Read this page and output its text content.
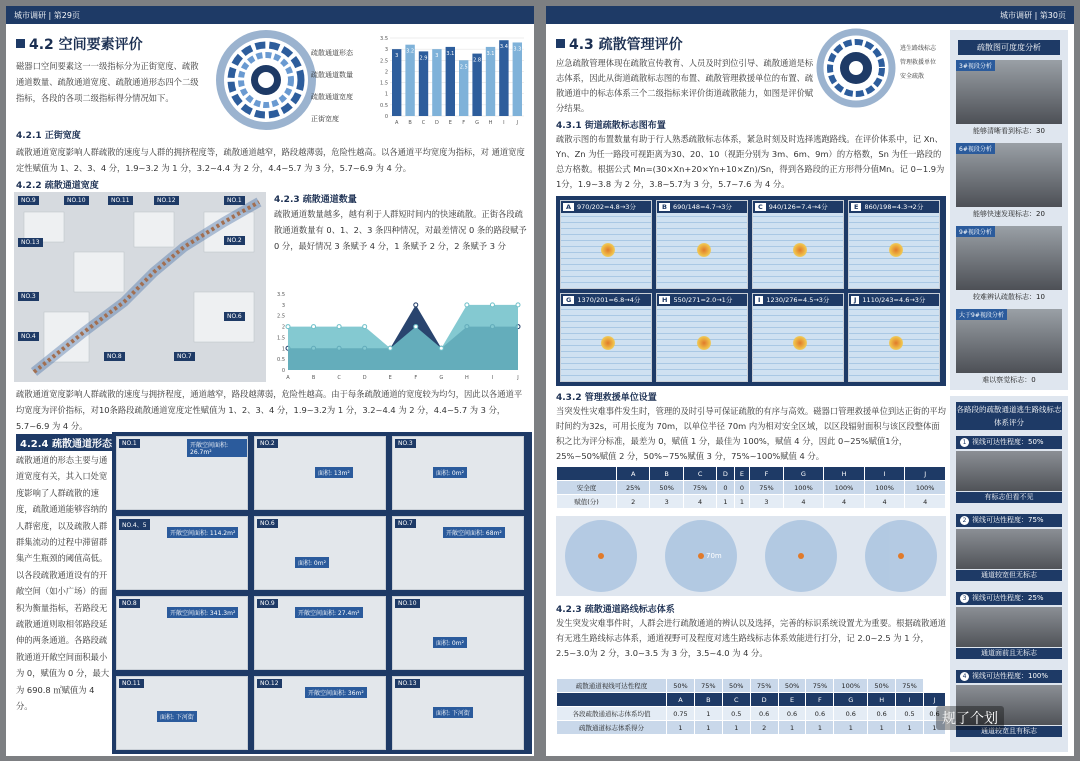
城市调研 | 第29页
4.2 空间要素评价
磁器口空间要素这一一级指标分为正街宽度、疏散通道数量、疏散通道宽度、疏散通道形态四个二级指标，各段的各项二级指标得分情况如下。
疏散通道形态
疏散通道数量
疏散通道宽度
正街宽度
3.5
3
2.5
2
1.5
1
0.5
0
3
A
3.2
B
2.9
C
3
D
3.1
E
2.5
F
2.8
G
3.1
H
3.4
I
3.3
J
4.2.1 正街宽度
疏散通道宽度影响人群疏散的速度与人群的拥挤程度等，疏散通道越窄，路段越薄弱，危险性越高。以各通道平均宽度为指标，对 通道宽度定性赋值为 1、2、3、4 分，1.9~3.2 为 1 分，3.2~4.4 为 2 分，4.4~5.7 为 3 分，5.7~6.9 为 4 分。
4.2.2 疏散通道宽度
NO.9	NO.10	NO.11	NO.12
NO.13
NO.1
NO.2
NO.3
NO.4
NO.6
NO.7
NO.8
4.2.3 疏散通道数量
疏散通道数量越多，越有利于人群短时间内的快速疏散。正街各段疏散通道数量有 0、1、2、3 条四种情况，对最差情况 0 条的路段赋予 0 分，最好情况 3 条赋予 4 分，1 条赋予 2 分，2 条赋予 3 分
3.5
3
2.5
2
1.5
1
0.5
0
A	B	C	D	E	F	G	H	I	J
疏散通道宽度影响人群疏散的速度与拥挤程度，通道越窄，路段越薄弱，危险性越高。由于每条疏散通道的宽度较为均匀，因此以各通道平均宽度为评价指标，对10条路段疏散通道宽度定性赋值为 1、2、3、4 分，1.9~3.2为 1 分，3.2~4.4 为 2 分，4.4~5.7 为 3 分，5.7~6.9 为 4 分。
4.2.4 疏散通道形态
疏散通道的形态主要与通道宽度有关，其入口处宽度影响了人群疏散的速度，疏散通道能够容纳的人群密度，以及疏散人群群集流动的过程中滞留群集产生瓶颈的阈值高低。以各段疏散通道设有的开敞空间（如小广场）的面积为衡量指标，若路段无疏散通道则取相邻路段延伸的两条通道。各路段疏散通道开敞空间面积最小为 0，赋值为 0 分，最大为 690.8 ㎡赋值为 4 分。
NO.1	开敞空间面积: 26.7m²
NO.2
面积: 13m²
NO.3
面积: 0m²
NO.4、5
开敞空间面积: 114.2m²
NO.6
面积: 0m²
NO.7
开敞空间面积: 68m²
NO.8
开敞空间面积: 341.3m²
NO.9
开敞空间面积: 27.4m²
NO.10
面积: 0m²
NO.11
面积: 下河街
NO.12
开敞空间面积: 36m²
NO.13
面积: 下河街
城市调研 | 第30页
4.3 疏散管理评价	逃生路线标志
管理救援单位
安全疏散
应急疏散管理体现在疏散宣传教育、人员及时到位引导、疏散通道是标志体系，因此从街道疏散标志图的布置、疏散管理救援单位的布置、疏散通道中的标志体系三个二级指标来评价街道疏散能力，如图是评价赋分结果。
4.3.1 街道疏散标志图布置
疏散示图的布置数量有助于行人熟悉疏散标志体系，紧急时刻及时选择逃跑路线。在评价体系中，记 Xn、Yn、Zn 为任一路段可视距离为30、20、10（视距分别为 3m、6m、9m）的方格数，Sn 为任一路段的总方格数。根据公式 Mn=(30×Xn+20×Yn+10×Zn)/Sn，得到各路段的正方形得分值Mn。记 0~1.9为1分，1.9~3.8 为 2 分，3.8~5.7为 3 分，5.7~7.6 为 4 分。
A 970/202=4.8→3分	B 690/148=4.7→3分	C 940/126=7.4→4分	E 860/198=4.3→2分
G 1370/201=6.8→4分	H 550/271=2.0→1分	I 1230/276=4.5→3分	J 1110/243=4.6→3分
4.3.2 管理救援单位设置
当突发性灾难事件发生时，管理的及时引导可保证疏散的有序与高效。磁器口管理救援单位到达正街的平均时间约为32s，可用长度为 70m，以单位半径 70m 内为相对安全区域，以区段辐射面积与该区段整体面积之比为评分标准，最差为 0，赋值 1 分，最佳为 100%，赋值 4 分，因此 0~25%赋值1分，25%~50%赋值 2 分，50%~75%赋值 3 分，75%~100%赋值 4 分。
	A	B	C	D	E	F	G	H	I	J
安全度	25%	50%	75%	0	0	75%	100%	100%	100%	100%
赋值(分)	2	3	4	1	1	3	4	4	4	4
70m
4.2.3 疏散通道路线标志体系
发生突发灾难事件时，人群会进行疏散通道的辨认以及选择，完善的标识系统设置尤为重要。根据疏散通道有无逃生路线标志体系，通道视野可及程度对逃生路线标志体系效能进行打分，记 2.0~2.5 为 1 分，2.5~3.0为 2 分，3.0~3.5 为 3 分，3.5~4.0 为 4 分。
疏散通道视线可达性程度	50%	75%	50%	75%	50%	75%	100%	50%	75%	
	A	B	C	D	E	F	G	H	I	J
各段疏散通道标志体系均值	0.75	1	0.5	0.6	0.6	0.6	0.6	0.6	0.5	0.6
疏散通道标志体系得分	1	1	1	2	1	1	1	1	1	1
疏散图可度度分析
3#视段分析
能够清晰看到标志：30
6#视段分析
能够快速发现标志：20
9#视段分析
较难辨认疏散标志：10
大于9#视段分析
难以察觉标志：0
各路段的疏散通道逃生路线标志体系评分
1 视线可达性程度：50%
有标志但看不见
2 视线可达性程度：75%
通道较宽但无标志
3 视线可达性程度：25%
通道面前且无标志
4 视线可达性程度：100%
通道较宽且有标志
规了个划
